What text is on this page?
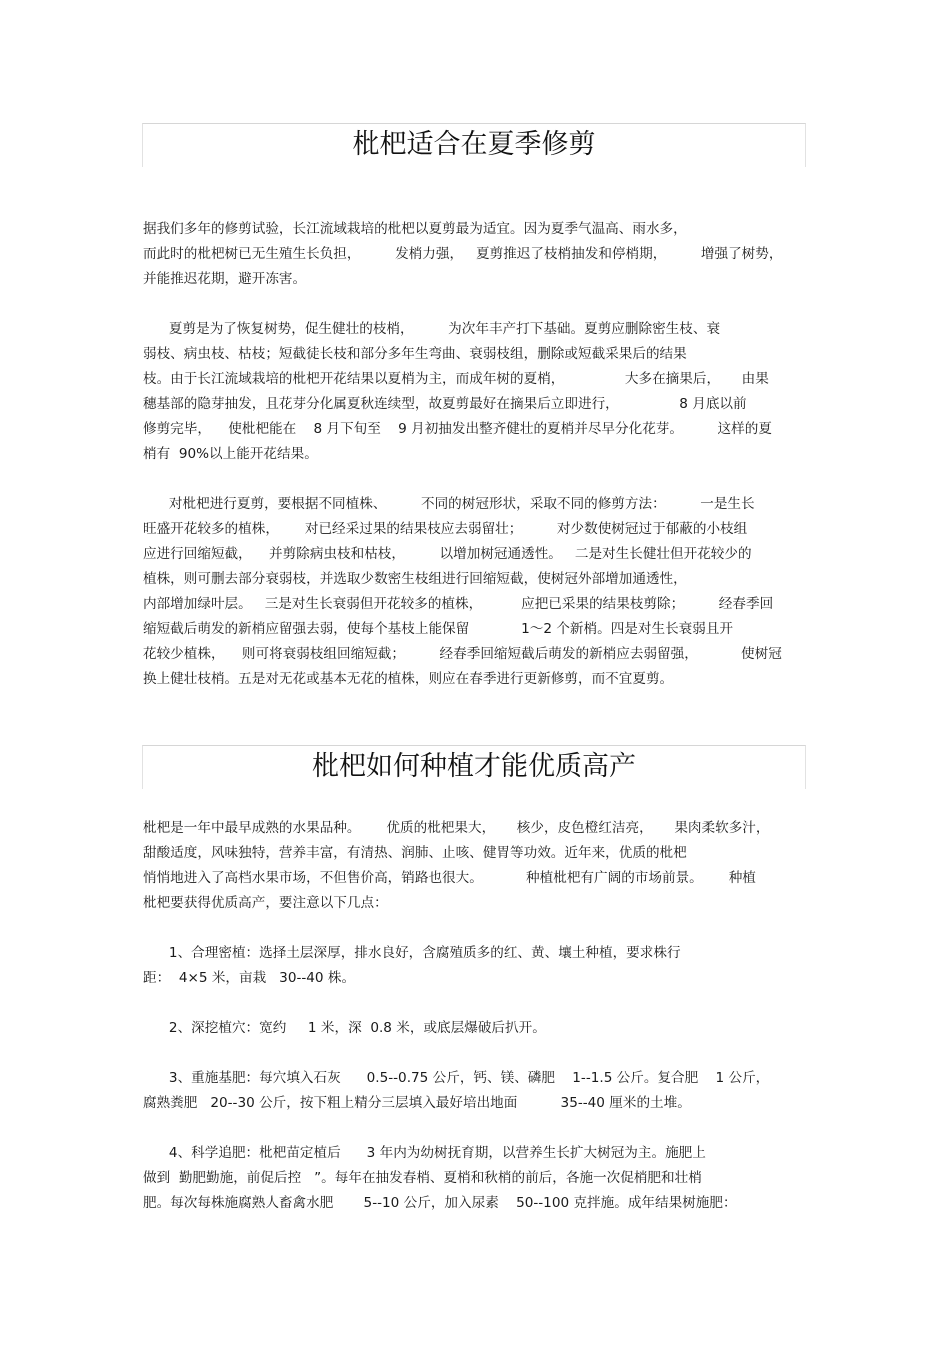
枇杷适合在夏季修剪

据我们多年的修剪试验，长江流域栽培的枇杷以夏剪最为适宜。因为夏季气温高、雨水多，
而此时的枇杷树已无生殖生长负担，        发梢力强，   夏剪推迟了枝梢抽发和停梢期，        增强了树势，
并能推迟花期，避开冻害。
夏剪是为了恢复树势，促生健壮的枝梢，        为次年丰产打下基础。夏剪应删除密生枝、衰
弱枝、病虫枝、枯枝；短截徒长枝和部分多年生弯曲、衰弱枝组，删除或短截采果后的结果
枝。由于长江流域栽培的枇杷开花结果以夏梢为主，而成年树的夏梢，              大多在摘果后，     由果
穗基部的隐芽抽发，且花芽分化属夏秋连续型，故夏剪最好在摘果后立即进行，              8 月底以前
修剪完毕，    使枇杷能在    8 月下旬至    9 月初抽发出整齐健壮的夏梢并尽早分化花芽。        这样的夏
梢有  90%以上能开花结果。
对枇杷进行夏剪，要根据不同植株、        不同的树冠形状，采取不同的修剪方法：        一是生长
旺盛开花较多的植株，      对已经采过果的结果枝应去弱留壮；        对少数使树冠过于郁蔽的小枝组
应进行回缩短截，    并剪除病虫枝和枯枝，        以增加树冠通透性。   二是对生长健壮但开花较少的
植株，则可删去部分衰弱枝，并选取少数密生枝组进行回缩短截，使树冠外部增加通透性，
内部增加绿叶层。   三是对生长衰弱但开花较多的植株，         应把已采果的结果枝剪除；        经春季回
缩短截后萌发的新梢应留强去弱，使每个基枝上能保留            1～2 个新梢。四是对生长衰弱且开
花较少植株，    则可将衰弱枝组回缩短截；        经春季回缩短截后萌发的新梢应去弱留强，          使树冠
换上健壮枝梢。五是对无花或基本无花的植株，则应在春季进行更新修剪，而不宜夏剪。

枇杷如何种植才能优质高产

枇杷是一年中最早成熟的水果品种。      优质的枇杷果大，     核少，皮色橙红洁亮，     果肉柔软多汁，
甜酸适度，风味独特，营养丰富，有清热、润肺、止咳、健胃等功效。近年来，优质的枇杷
悄悄地进入了高档水果市场，不但售价高，销路也很大。          种植枇杷有广阔的市场前景。      种植
枇杷要获得优质高产，要注意以下几点：
1、合理密植：选择土层深厚，排水良好，含腐殖质多的红、黄、壤土种植，要求株行
距：  4×5 米，亩栽   30--40 株。
2、深挖植穴：宽约     1 米，深  0.8 米，或底层爆破后扒开。
3、重施基肥：每穴填入石灰      0.5--0.75 公斤，钙、镁、磷肥    1--1.5 公斤。复合肥    1 公斤，
腐熟粪肥   20--30 公斤，按下粗上精分三层填入最好培出地面          35--40 厘米的土堆。
4、科学追肥：枇杷苗定植后      3 年内为幼树抚育期，以营养生长扩大树冠为主。施肥上
做到  勤肥勤施，前促后控   ”。每年在抽发春梢、夏梢和秋梢的前后，各施一次促梢肥和壮梢
肥。每次每株施腐熟人畜禽水肥       5--10 公斤，加入尿素    50--100 克拌施。成年结果树施肥：
